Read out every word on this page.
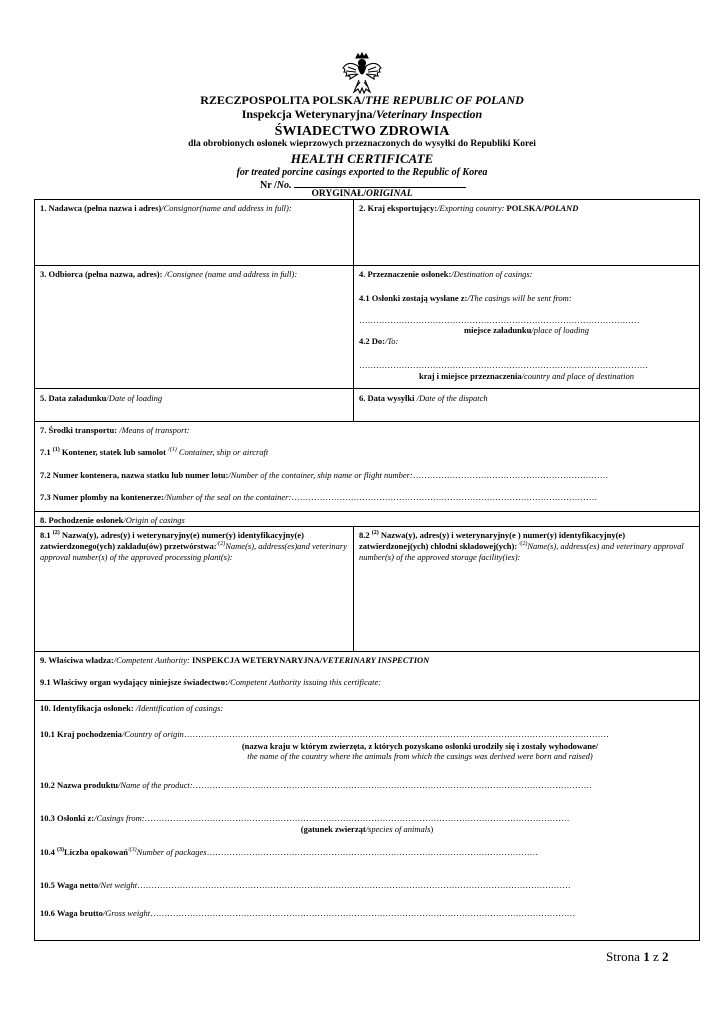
RZECZPOSPOLITA POLSKA/THE REPUBLIC OF POLAND
Inspekcja Weterynaryjna/Veterinary Inspection
ŚWIADECTWO ZDROWIA
dla obrobionych osłonek wieprzowych przeznaczonych do wysyłki do Republiki Korei
HEALTH CERTIFICATE
for treated porcine casings exported to the Republic of Korea
Nr /No.
ORYGINAŁ/ORIGINAL
1. Nadawca (pełna nazwa i adres)/Consignor(name and address in full):	2. Kraj eksportujący:/Exporting country: POLSKA/POLAND
3. Odbiorca (pełna nazwa, adres): /Consignee (name and address in full):	4. Przeznaczenie osłonek:/Destination of casings:
4.1 Osłonki zostają wysłane z:/The casings will be sent from:
………………………………………………………………………………………
miejsce załadunku/place of loading
4.2 Do:/To:
…………………………………………………………………………………………
kraj i miejsce przeznaczenia/country and place of destination
5. Data załadunku/Date of loading	6. Data wysyłki /Date of the dispatch
7. Środki transportu: /Means of transport:
7.1 $^{(1)}$ Kontener, statek lub samolot $^{/(1)}$ Container, ship or aircraft
7.2 Numer kontenera, nazwa statku lub numer lotu:/Number of the container, ship name or flight number:……………………………………………………………
7.3 Numer plomby na kontenerze:/Number of the seal on the container:………………………………………………………………………………………………
8. Pochodzenie osłonek/Origin of casings
8.1 $^{(2)}$ Nazwa(y), adres(y) i weterynaryjny(e) numer(y) identyfikacyjny(e) zatwierdzonego(ych) zakładu(ów) przetwórstwa:$^{/(2)}$Name(s), address(es)and veterinary approval number(s) of the approved processing plant(s):
8.2 $^{(2)}$ Nazwa(y), adres(y) i weterynaryjny(e ) numer(y) identyfikacyjny(e) zatwierdzonej(ych) chłodni składowej(ych): $^{/(2)}$Name(s), address(es) and veterinary approval number(s) of the approved storage facility(ies):
9. Właściwa władza:/Competent Authority: INSPEKCJA WETERYNARYJNA/VETERINARY INSPECTION
9.1 Właściwy organ wydający niniejsze świadectwo:/Competent Authority issuing this certificate:
10. Identyfikacja osłonek: /Identification of casings:
10.1 Kraj pochodzenia/Country of origin……………………………………………………………………………………………………………………………………
(nazwa kraju w którym zwierzęta, z których pozyskano osłonki urodziły się i zostały wyhodowane/
the name of the country where the animals from which the casings was derived were born and raised)
10.2 Nazwa produktu/Name of the product:……………………………………………………………………………………………………………………………
10.3 Osłonki z:/Casings from:……………………………………………………………………………………………………………………………………
(gatunek zwierząt/species of animals)
10.4 $^{(3)}$Liczba opakowań$^{/(3)}$Number of packages………………………………………………………………………………………………………
10.5 Waga netto/Net weight………………………………………………………………………………………………………………………………………
10.6 Waga brutto/Gross weight……………………………………………………………………………………………………………………………………
Strona 1 z 2
